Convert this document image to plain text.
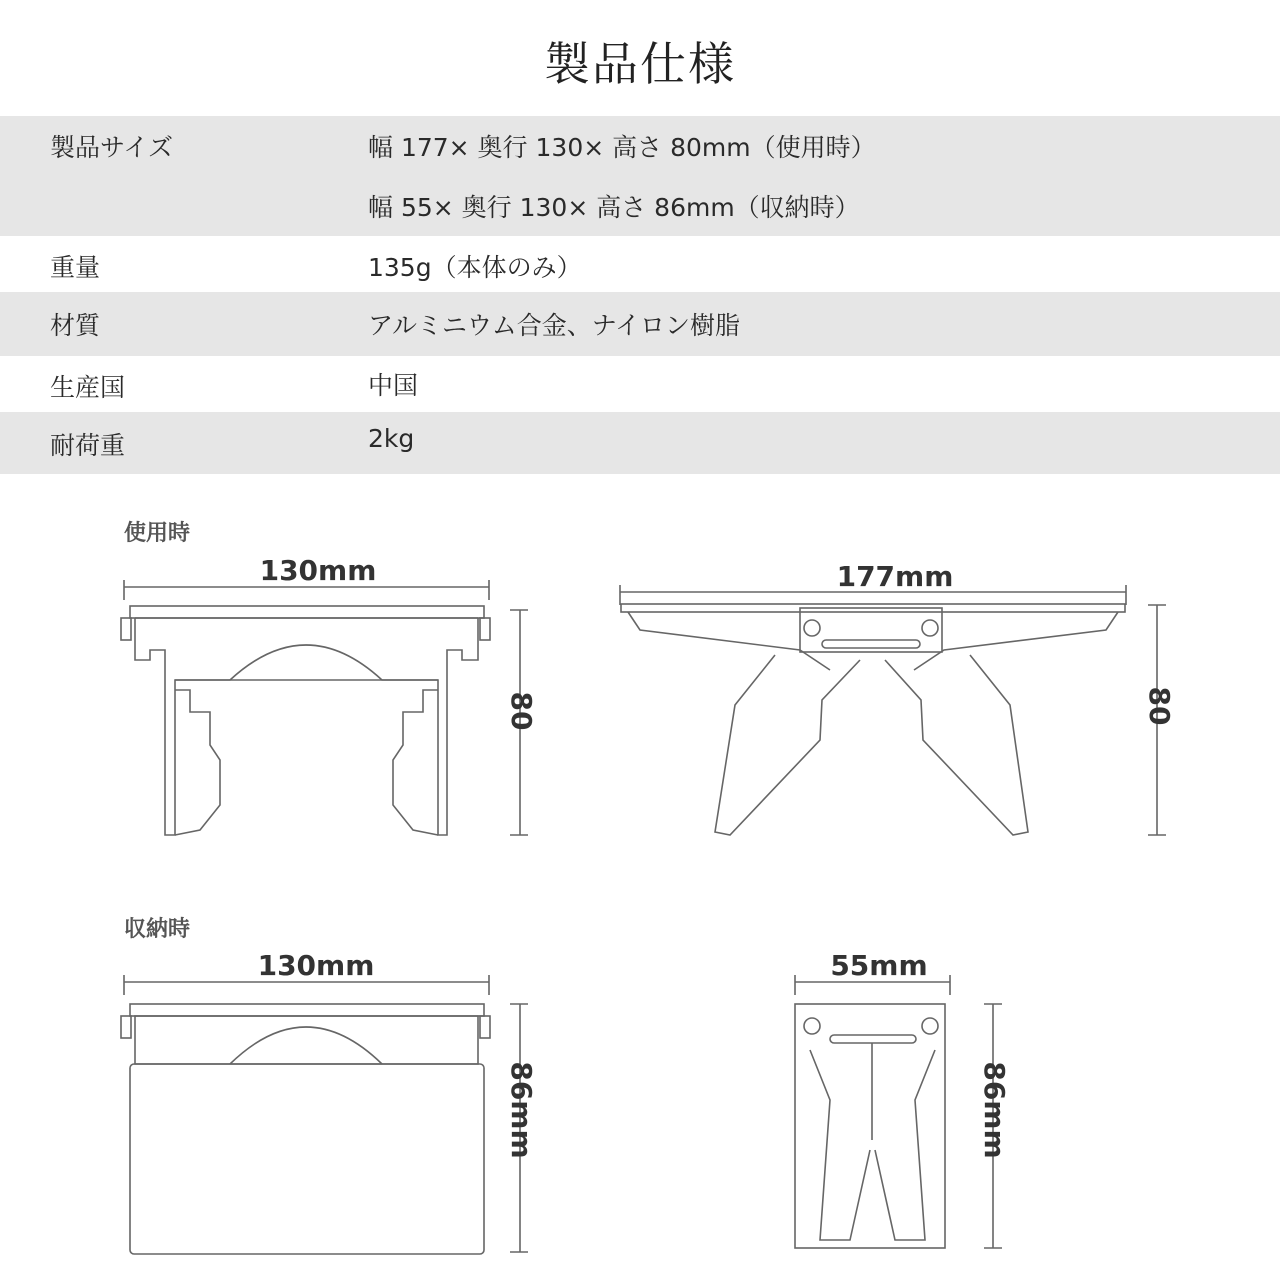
製品仕様
製品サイズ	幅 177× 奥行 130× 高さ 80mm（使用時）
幅 55× 奥行 130× 高さ 86mm（収納時）
重量	135g（本体のみ）
材質	アルミニウム合金、ナイロン樹脂
生産国	中国
耐荷重	2kg
使用時
収納時
130mm
80
177mm
80
130mm
86mm
55mm
86mm
